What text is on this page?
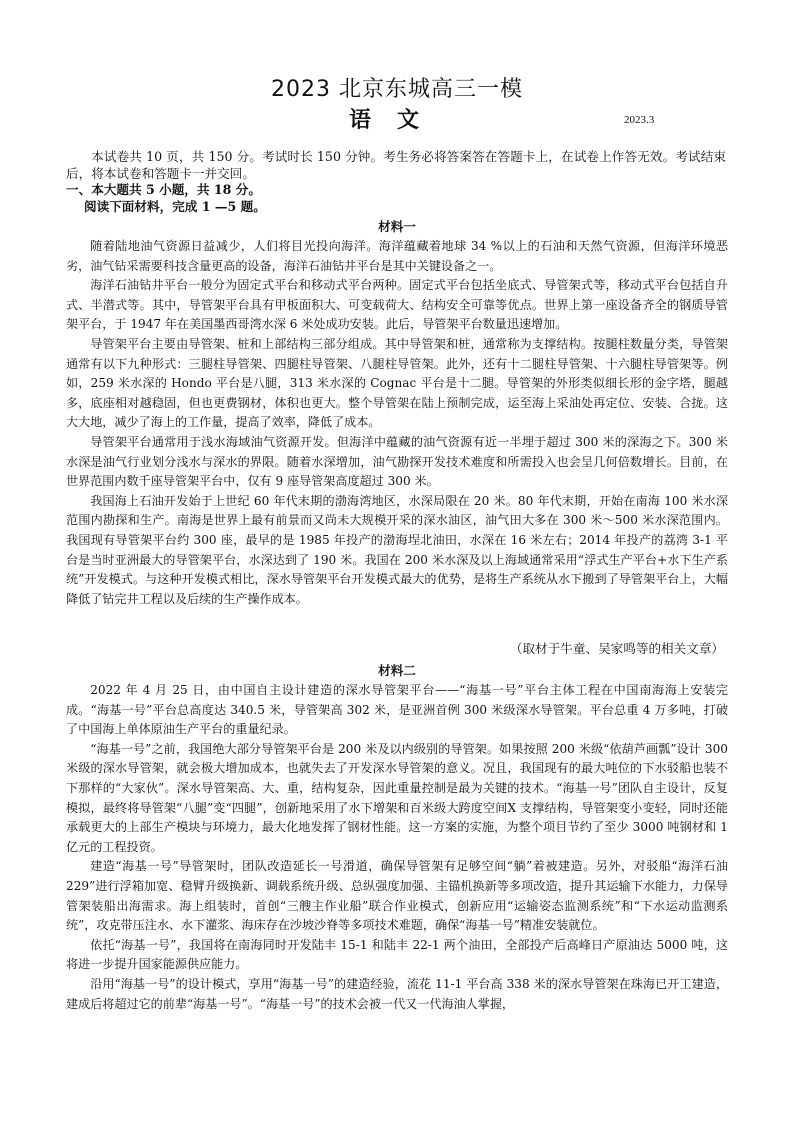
2023 北京东城高三一模
语文	2023.3
本试卷共 10 页，共 150 分。考试时长 150 分钟。考生务必将答案答在答题卡上，在试卷上作答无效。考试结束后，将本试卷和答题卡一并交回。
一、本大题共 5 小题，共 18 分。
阅读下面材料，完成 1 —5 题。
材料一

随着陆地油气资源日益减少，人们将目光投向海洋。海洋蕴藏着地球 34 %以上的石油和天然气资源，但海洋环境恶劣，油气钻采需要科技含量更高的设备，海洋石油钻井平台是其中关键设备之一。

海洋石油钻井平台一般分为固定式平台和移动式平台两种。固定式平台包括坐底式、导管架式等，移动式平台包括自升式、半潜式等。其中，导管架平台具有甲板面积大、可变载荷大、结构安全可靠等优点。世界上第一座设备齐全的钢质导管架平台，于 1947 年在美国墨西哥湾水深 6 米处成功安装。此后，导管架平台数量迅速增加。

导管架平台主要由导管架、桩和上部结构三部分组成。其中导管架和桩，通常称为支撑结构。按腿柱数量分类，导管架通常有以下九种形式：三腿柱导管架、四腿柱导管架、八腿柱导管架。此外，还有十二腿柱导管架、十六腿柱导管架等。例如，259 米水深的 Hondo 平台是八腿，313 米水深的 Cognac 平台是十二腿。导管架的外形类似细长形的金字塔，腿越多，底座相对越稳固，但也更费钢材，体积也更大。整个导管架在陆上预制完成，运至海上采油处再定位、安装、合拢。这大大地，减少了海上的工作量，提高了效率，降低了成本。

导管架平台通常用于浅水海域油气资源开发。但海洋中蕴藏的油气资源有近一半埋于超过 300 米的深海之下。300 米水深是油气行业划分浅水与深水的界限。随着水深增加，油气勘探开发技术难度和所需投入也会呈几何倍数增长。目前，在世界范围内数千座导管架平台中，仅有 9 座导管架高度超过 300 米。

我国海上石油开发始于上世纪 60 年代末期的渤海湾地区，水深局限在 20 米。80 年代末期，开始在南海 100 米水深范围内勘探和生产。南海是世界上最有前景而又尚未大规模开采的深水油区，油气田大多在 300 米～500 米水深范围内。我国现有导管架平台约 300 座，最早的是 1985 年投产的渤海埕北油田，水深在 16 米左右；2014 年投产的荔湾 3-1 平台是当时亚洲最大的导管架平台，水深达到了 190 米。我国在 200 米水深及以上海域通常采用“浮式生产平台+水下生产系统”开发模式。与这种开发模式相比，深水导管架平台开发模式最大的优势，是将生产系统从水下搬到了导管架平台上，大幅降低了钻完井工程以及后续的生产操作成本。

（取材于牛童、吴家鸣等的相关文章）
材料二

2022 年 4 月 25 日，由中国自主设计建造的深水导管架平台——“海基一号”平台主体工程在中国南海海上安装完成。“海基一号”平台总高度达 340.5 米，导管架高 302 米，是亚洲首例 300 米级深水导管架。平台总重 4 万多吨，打破了中国海上单体原油生产平台的重量纪录。

“海基一号”之前，我国绝大部分导管架平台是 200 米及以内级别的导管架。如果按照 200 米级“依葫芦画瓢”设计 300 米级的深水导管架，就会极大增加成本，也就失去了开发深水导管架的意义。况且，我国现有的最大吨位的下水驳船也装不下那样的“大家伙”。深水导管架高、大、重，结构复杂，因此重量控制是最为关键的技术。“海基一号”团队自主设计，反复模拟，最终将导管架“八腿”变“四腿”，创新地采用了水下增架和百米级大跨度空间X 支撑结构，导管架变小变轻，同时还能承载更大的上部生产模块与环境力，最大化地发挥了钢材性能。这一方案的实施，为整个项目节约了至少 3000 吨钢材和 1 亿元的工程投资。

建造“海基一号”导管架时，团队改造延长一号滑道，确保导管架有足够空间“躺”着被建造。另外，对驳船“海洋石油 229”进行浮箱加宽、稳臂升级换新、调载系统升级、总纵强度加强、主锚机换新等多项改造，提升其运输下水能力，力保导管架装船出海需求。海上组装时，首创“三艘主作业船”联合作业模式，创新应用“运输姿态监测系统”和“下水运动监测系统”，攻克带压注水、水下灌浆、海床存在沙坡沙脊等多项技术难题，确保“海基一号”精准安装就位。

依托“海基一号”，我国将在南海同时开发陆丰 15-1 和陆丰 22-1 两个油田，全部投产后高峰日产原油达 5000 吨，这将进一步提升国家能源供应能力。

沿用“海基一号”的设计模式，享用“海基一号”的建造经验，流花 11-1 平台高 338 米的深水导管架在珠海已开工建造，建成后将超过它的前辈“海基一号”。“海基一号”的技术会被一代又一代海油人掌握，
